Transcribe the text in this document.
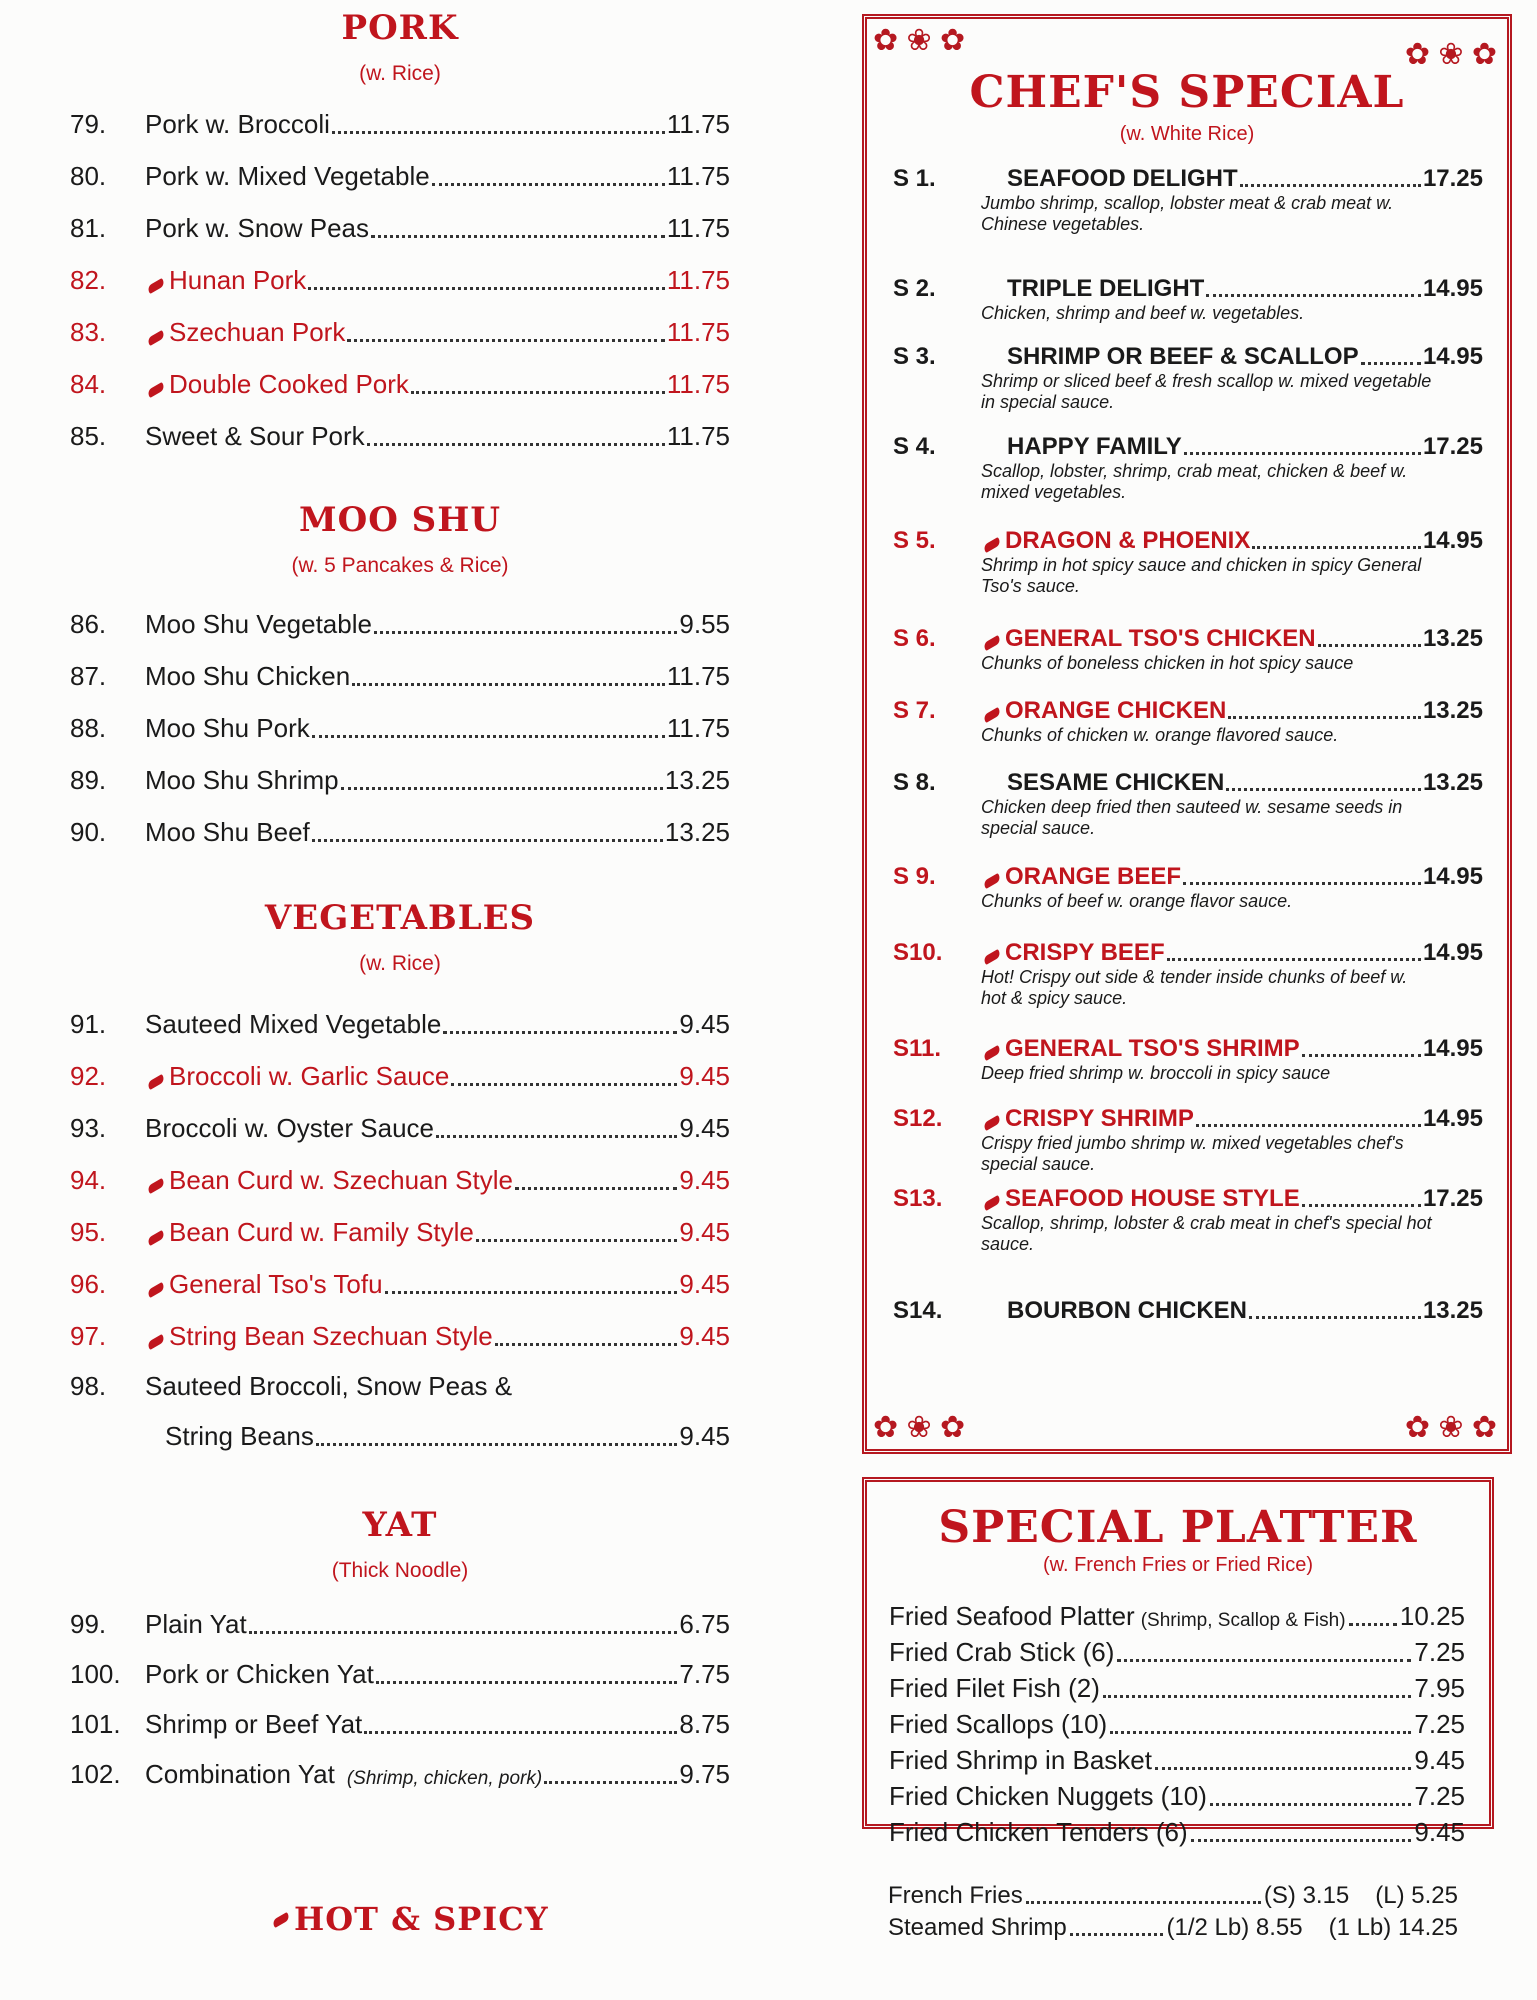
PORK
(w. Rice)
79.	Pork w. Broccoli	11.75
80.	Pork w. Mixed Vegetable	11.75
81.	Pork w. Snow Peas	11.75
82.	Hunan Pork	11.75
83.	Szechuan Pork	11.75
84.	Double Cooked Pork	11.75
85.	Sweet & Sour Pork	11.75
MOO SHU
(w. 5 Pancakes & Rice)
86.	Moo Shu Vegetable	9.55
87.	Moo Shu Chicken	11.75
88.	Moo Shu Pork	11.75
89.	Moo Shu Shrimp	13.25
90.	Moo Shu Beef	13.25
VEGETABLES
(w. Rice)
91.	Sauteed Mixed Vegetable	9.45
92.	Broccoli w. Garlic Sauce	9.45
93.	Broccoli w. Oyster Sauce	9.45
94.	Bean Curd w. Szechuan Style	9.45
95.	Bean Curd w. Family Style	9.45
96.	General Tso's Tofu	9.45
97.	String Bean Szechuan Style	9.45
98.	Sauteed Broccoli, Snow Peas &
String Beans	9.45
YAT
(Thick Noodle)
99.	Plain Yat	6.75
100. Pork or Chicken Yat	7.75
101. Shrimp or Beef Yat	8.75
102. Combination Yat (Shrimp, chicken, pork)	9.75
HOT & SPICY
✿ ❀ ✿	✿ ❀ ✿
✿ ❀ ✿	✿ ❀ ✿
CHEF'S SPECIAL
(w. White Rice)
S 1.	SEAFOOD DELIGHT	17.25
Jumbo shrimp, scallop, lobster meat & crab meat w. Chinese vegetables.
S 2.	TRIPLE DELIGHT	14.95
Chicken, shrimp and beef w. vegetables.
S 3.	SHRIMP OR BEEF & SCALLOP	14.95
Shrimp or sliced beef & fresh scallop w. mixed vegetable in special sauce.
S 4.	HAPPY FAMILY	17.25
Scallop, lobster, shrimp, crab meat, chicken & beef w. mixed vegetables.
S 5.	DRAGON & PHOENIX	14.95
Shrimp in hot spicy sauce and chicken in spicy General Tso's sauce.
S 6.	GENERAL TSO'S CHICKEN	13.25
Chunks of boneless chicken in hot spicy sauce
S 7.	ORANGE CHICKEN	13.25
Chunks of chicken w. orange flavored sauce.
S 8.	SESAME CHICKEN	13.25
Chicken deep fried then sauteed w. sesame seeds in special sauce.
S 9.	ORANGE BEEF	14.95
Chunks of beef w. orange flavor sauce.
S10.	CRISPY BEEF	14.95
Hot! Crispy out side & tender inside chunks of beef w. hot & spicy sauce.
S11.	GENERAL TSO'S SHRIMP	14.95
Deep fried shrimp w. broccoli in spicy sauce
S12.	CRISPY SHRIMP	14.95
Crispy fried jumbo shrimp w. mixed vegetables chef's special sauce.
S13.	SEAFOOD HOUSE STYLE	17.25
Scallop, shrimp, lobster & crab meat in chef's special hot sauce.
S14.	BOURBON CHICKEN	13.25
SPECIAL PLATTER
(w. French Fries or Fried Rice)
Fried Seafood Platter (Shrimp, Scallop & Fish) 10.25
Fried Crab Stick (6)	7.25
Fried Filet Fish (2)	7.95
Fried Scallops (10)	7.25
Fried Shrimp in Basket	9.45
Fried Chicken Nuggets (10)	7.25
Fried Chicken Tenders (6)	9.45
French Fries	(S) 3.15 (L) 5.25
Steamed Shrimp	(1/2 Lb) 8.55 (1 Lb) 14.25
